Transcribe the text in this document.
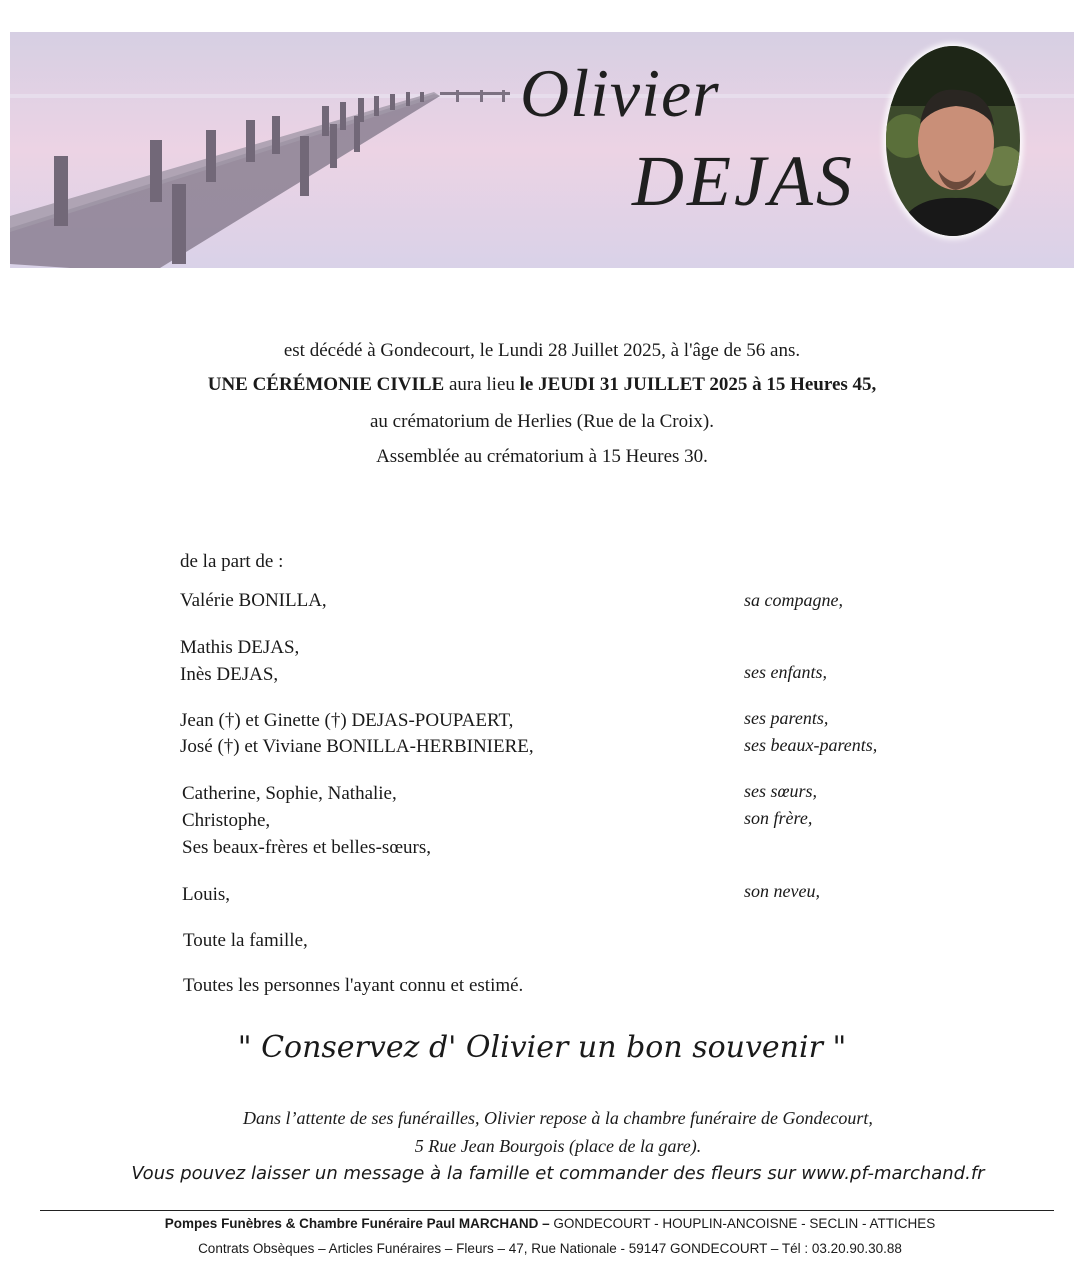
Olivier
DEJAS
est décédé à Gondecourt, le Lundi 28 Juillet 2025, à l'âge de 56 ans.
UNE CÉRÉMONIE CIVILE aura lieu le JEUDI 31 JUILLET 2025 à 15 Heures 45,
au crématorium de Herlies (Rue de la Croix).
Assemblée au crématorium à 15 Heures 30.
de la part de :
Valérie BONILLA,
Mathis DEJAS,
Inès DEJAS,
Jean (†) et Ginette (†) DEJAS-POUPAERT,
José (†) et Viviane BONILLA-HERBINIERE,
Catherine, Sophie, Nathalie,
Christophe,
Ses beaux-frères et belles-sœurs,
Louis,
Toute la famille,
Toutes les personnes l'ayant connu et estimé.
sa compagne,
ses enfants,
ses parents,
ses beaux-parents,
ses sœurs,
son frère,
son neveu,
" Conservez d' Olivier un bon souvenir "
Dans l’attente de ses funérailles, Olivier repose à la chambre funéraire de Gondecourt,
5 Rue Jean Bourgois (place de la gare).
Vous pouvez laisser un message à la famille et commander des fleurs sur www.pf-marchand.fr
Pompes Funèbres & Chambre Funéraire Paul MARCHAND – GONDECOURT - HOUPLIN-ANCOISNE - SECLIN - ATTICHES
Contrats Obsèques – Articles Funéraires – Fleurs – 47, Rue Nationale - 59147 GONDECOURT – Tél : 03.20.90.30.88
